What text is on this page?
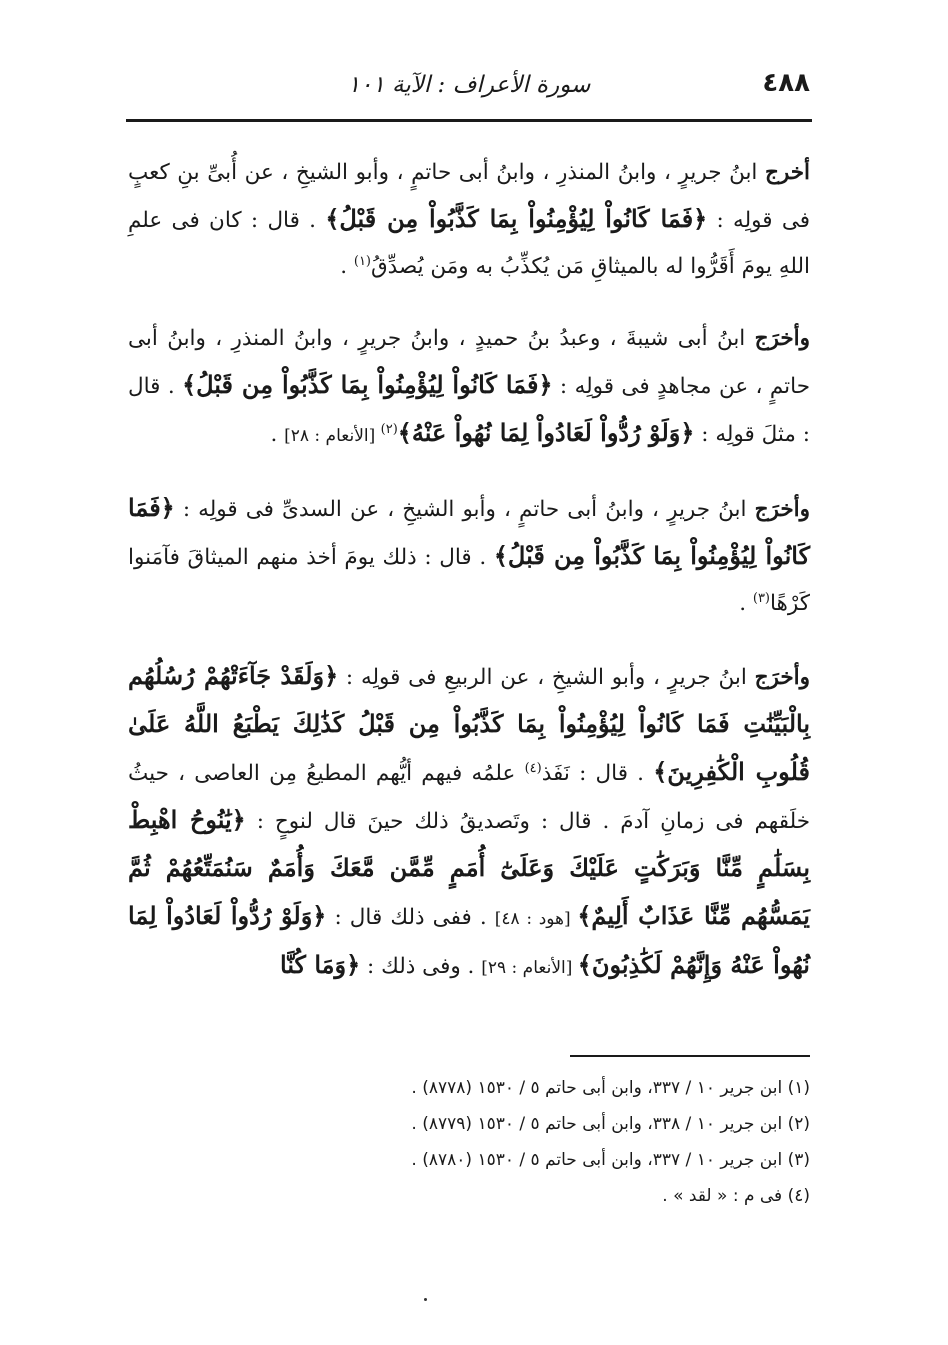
٤٨٨
سورة الأعراف : الآية ١٠١

أخرج ابنُ جريرٍ ، وابنُ المنذرِ ، وابنُ أبى حاتمٍ ، وأبو الشيخِ ، عن أُبىِّ بنِ كعبٍ فى قولِه : ﴿فَمَا كَانُواْ لِيُؤْمِنُواْ بِمَا كَذَّبُواْ مِن قَبْلُ﴾ . قال : كان فى علمِ اللهِ يومَ أَقَرُّوا له بالميثاقِ مَن يُكذِّبُ به ومَن يُصدِّقُ$^{(١)}$ .

وأخرَج ابنُ أبى شيبةَ ، وعبدُ بنُ حميدٍ ، وابنُ جريرٍ ، وابنُ المنذرِ ، وابنُ أبى حاتمٍ ، عن مجاهدٍ فى قولِه : ﴿فَمَا كَانُواْ لِيُؤْمِنُواْ بِمَا كَذَّبُواْ مِن قَبْلُ﴾ . قال : مثلَ قولِه : ﴿وَلَوْ رُدُّواْ لَعَادُواْ لِمَا نُهُواْ عَنْهُ﴾$^{(٢)}$ [الأنعام : ٢٨] .

وأخرَج ابنُ جريرٍ ، وابنُ أبى حاتمٍ ، وأبو الشيخِ ، عن السدىِّ فى قولِه : ﴿فَمَا كَانُواْ لِيُؤْمِنُواْ بِمَا كَذَّبُواْ مِن قَبْلُ﴾ . قال : ذلك يومَ أخذ منهم الميثاقَ فآمَنوا كَرْهًا$^{(٣)}$ .

وأخرَج ابنُ جريرٍ ، وأبو الشيخِ ، عن الربيعِ فى قولِه : ﴿وَلَقَدْ جَآءَتْهُمْ رُسُلُهُم بِالْبَيِّنَٰتِ فَمَا كَانُواْ لِيُؤْمِنُواْ بِمَا كَذَّبُواْ مِن قَبْلُ كَذَٰلِكَ يَطْبَعُ اللَّهُ عَلَىٰ قُلُوبِ الْكَٰفِرِينَ﴾ . قال : نَفَذ$^{(٤)}$ علمُه فيهم أيُّهم المطيعُ مِن العاصى ، حيثُ خلَقهم فى زمانِ آدمَ . قال : وتَصديقُ ذلك حينَ قال لنوحٍ : ﴿يَٰنُوحُ اهْبِطْ بِسَلَٰمٍ مِّنَّا وَبَرَكَٰتٍ عَلَيْكَ وَعَلَىٰٓ أُمَمٍ مِّمَّن مَّعَكَ وَأُمَمٌ سَنُمَتِّعُهُمْ ثُمَّ يَمَسُّهُم مِّنَّا عَذَابٌ أَلِيمٌ﴾ [هود : ٤٨] . ففى ذلك قال : ﴿وَلَوْ رُدُّواْ لَعَادُواْ لِمَا نُهُواْ عَنْهُ وَإِنَّهُمْ لَكَٰذِبُونَ﴾ [الأنعام : ٢٩] . وفى ذلك : ﴿وَمَا كُنَّا

(١) ابن جرير ١٠ / ٣٣٧، وابن أبى حاتم ٥ / ١٥٣٠ (٨٧٧٨) .
(٢) ابن جرير ١٠ / ٣٣٨، وابن أبى حاتم ٥ / ١٥٣٠ (٨٧٧٩) .
(٣) ابن جرير ١٠ / ٣٣٧، وابن أبى حاتم ٥ / ١٥٣٠ (٨٧٨٠) .
(٤) فى م : « لقد » .
